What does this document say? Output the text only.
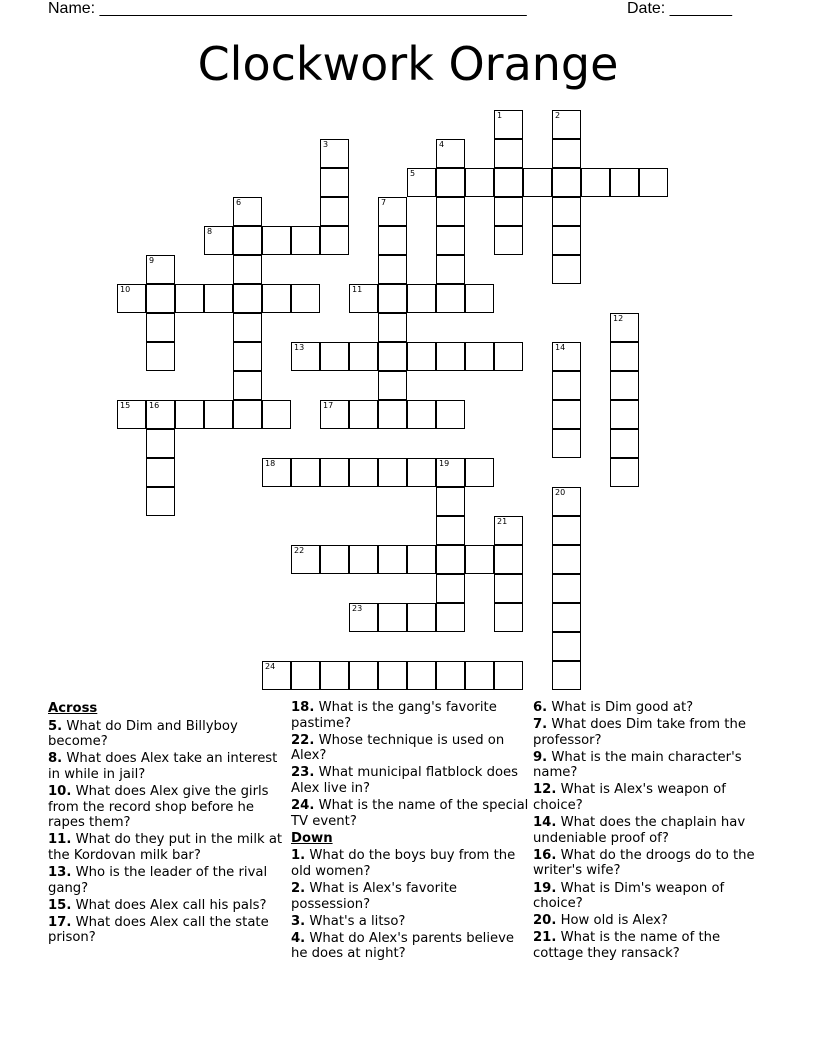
Name: ________________________________________________	Date: _______
Clockwork Orange
1	2
3	4
5
6	7
8
9
10	11
12
13	14
15 16	17
18	19
20
21
22
23
24
Across
5. What do Dim and Billyboy become?
8. What does Alex take an interest in while in jail?
10. What does Alex give the girls from the record shop before he rapes them?
11. What do they put in the milk at the Kordovan milk bar?
13. Who is the leader of the rival gang?
15. What does Alex call his pals?
17. What does Alex call the state prison?
18. What is the gang's favorite pastime?
22. Whose technique is used on Alex?
23. What municipal flatblock does Alex live in?
24. What is the name of the special TV event?
Down
1. What do the boys buy from the old women?
2. What is Alex's favorite possession?
3. What's a litso?
4. What do Alex's parents believe he does at night?
6. What is Dim good at?
7. What does Dim take from the professor?
9. What is the main character's name?
12. What is Alex's weapon of choice?
14. What does the chaplain hav undeniable proof of?
16. What do the droogs do to the writer's wife?
19. What is Dim's weapon of choice?
20. How old is Alex?
21. What is the name of the cottage they ransack?
